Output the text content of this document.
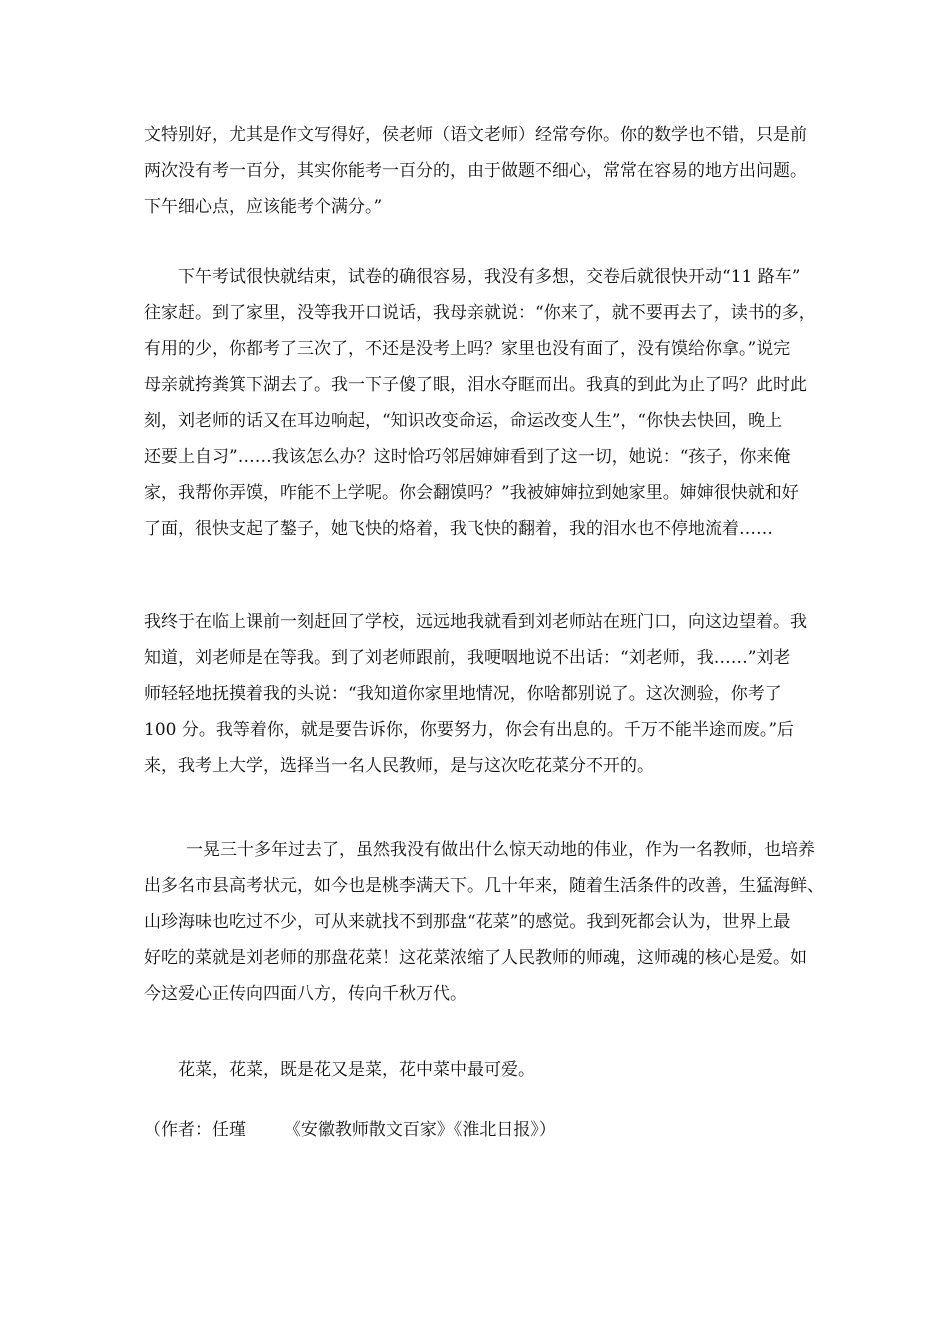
文特别好，尤其是作文写得好，侯老师（语文老师）经常夸你。你的数学也不错，只是前
两次没有考一百分，其实你能考一百分的，由于做题不细心，常常在容易的地方出问题。
下午细心点，应该能考个满分。”
下午考试很快就结束，试卷的确很容易，我没有多想，交卷后就很快开动“11 路车”
往家赶。到了家里，没等我开口说话，我母亲就说：“你来了，就不要再去了，读书的多，
有用的少，你都考了三次了，不还是没考上吗？家里也没有面了，没有馍给你拿。”说完
母亲就挎粪箕下湖去了。我一下子傻了眼，泪水夺眶而出。我真的到此为止了吗？此时此
刻，刘老师的话又在耳边响起，“知识改变命运，命运改变人生”，“你快去快回，晚上
还要上自习”……我该怎么办？这时恰巧邻居婶婶看到了这一切，她说：“孩子，你来俺
家，我帮你弄馍，咋能不上学呢。你会翻馍吗？”我被婶婶拉到她家里。婶婶很快就和好
了面，很快支起了鏊子，她飞快的烙着，我飞快的翻着，我的泪水也不停地流着……
我终于在临上课前一刻赶回了学校，远远地我就看到刘老师站在班门口，向这边望着。我
知道，刘老师是在等我。到了刘老师跟前，我哽咽地说不出话：“刘老师，我……”刘老
师轻轻地抚摸着我的头说：“我知道你家里地情况，你啥都别说了。这次测验，你考了
100 分。我等着你，就是要告诉你，你要努力，你会有出息的。千万不能半途而废。”后
来，我考上大学，选择当一名人民教师，是与这次吃花菜分不开的。
一晃三十多年过去了，虽然我没有做出什么惊天动地的伟业，作为一名教师，也培养
出多名市县高考状元，如今也是桃李满天下。几十年来，随着生活条件的改善，生猛海鲜、
山珍海味也吃过不少，可从来就找不到那盘“花菜”的感觉。我到死都会认为，世界上最
好吃的菜就是刘老师的那盘花菜！这花菜浓缩了人民教师的师魂，这师魂的核心是爱。如
今这爱心正传向四面八方，传向千秋万代。
花菜，花菜，既是花又是菜，花中菜中最可爱。
（作者：任瑾       《安徽教师散文百家》《淮北日报》）
